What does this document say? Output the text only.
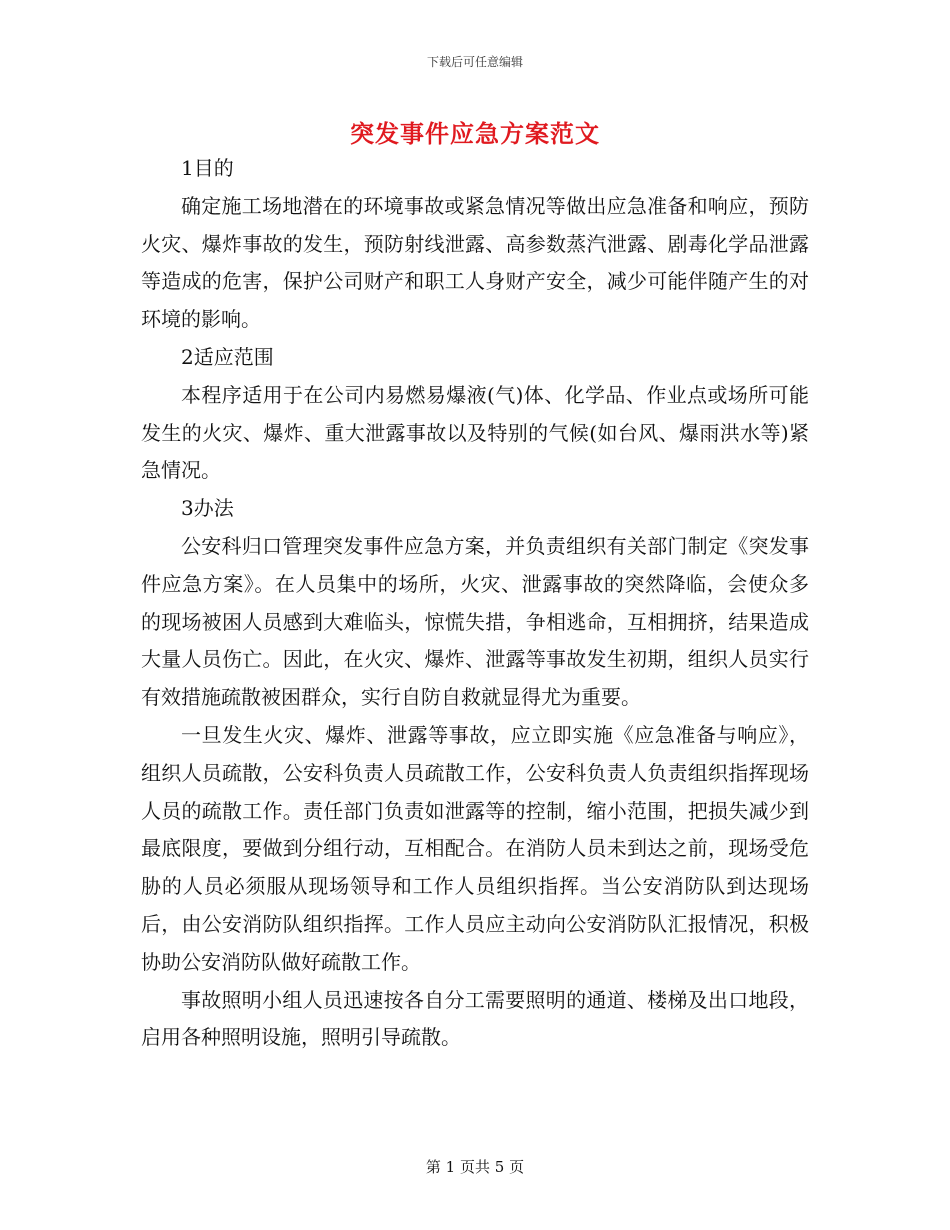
下载后可任意编辑
突发事件应急方案范文

1目的

确定施工场地潜在的环境事故或紧急情况等做出应急准备和响应，预防火灾、爆炸事故的发生，预防射线泄露、高参数蒸汽泄露、剧毒化学品泄露等造成的危害，保护公司财产和职工人身财产安全，减少可能伴随产生的对环境的影响。

2适应范围

本程序适用于在公司内易燃易爆液(气)体、化学品、作业点或场所可能发生的火灾、爆炸、重大泄露事故以及特别的气候(如台风、爆雨洪水等)紧急情况。

3办法

公安科归口管理突发事件应急方案，并负责组织有关部门制定《突发事件应急方案》。在人员集中的场所，火灾、泄露事故的突然降临，会使众多的现场被困人员感到大难临头，惊慌失措，争相逃命，互相拥挤，结果造成大量人员伤亡。因此，在火灾、爆炸、泄露等事故发生初期，组织人员实行有效措施疏散被困群众，实行自防自救就显得尤为重要。

一旦发生火灾、爆炸、泄露等事故，应立即实施《应急准备与响应》，组织人员疏散，公安科负责人员疏散工作，公安科负责人负责组织指挥现场人员的疏散工作。责任部门负责如泄露等的控制，缩小范围，把损失减少到最底限度，要做到分组行动，互相配合。在消防人员未到达之前，现场受危胁的人员必须服从现场领导和工作人员组织指挥。当公安消防队到达现场后，由公安消防队组织指挥。工作人员应主动向公安消防队汇报情况，积极协助公安消防队做好疏散工作。

事故照明小组人员迅速按各自分工需要照明的通道、楼梯及出口地段，启用各种照明设施，照明引导疏散。

第 1 页共 5 页
